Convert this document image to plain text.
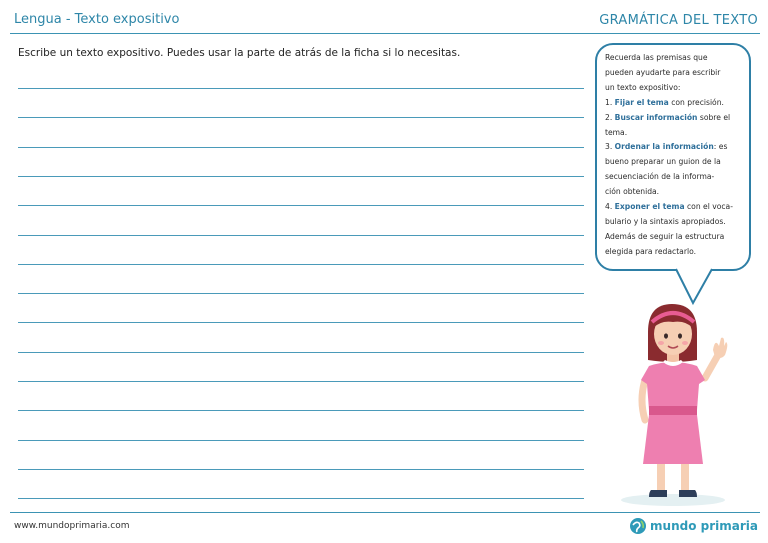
Lengua - Texto expositivo	GRAMÁTICA DEL TEXTO
Escribe un texto expositivo. Puedes usar la parte de atrás de la ficha si lo necesitas.	Recuerda las premisas que

pueden ayudarte para escribir

un texto expositivo:

1. Fijar el tema con precisión.

2. Buscar información sobre el

tema.

3. Ordenar la información: es

bueno preparar un guion de la

secuenciación de la informa-

ción obtenida.

4. Exponer el tema con el voca-

bulario y la sintaxis apropiados.

Además de seguir la estructura

elegida para redactarlo.

www.mundoprimaria.com	mundo primaria
